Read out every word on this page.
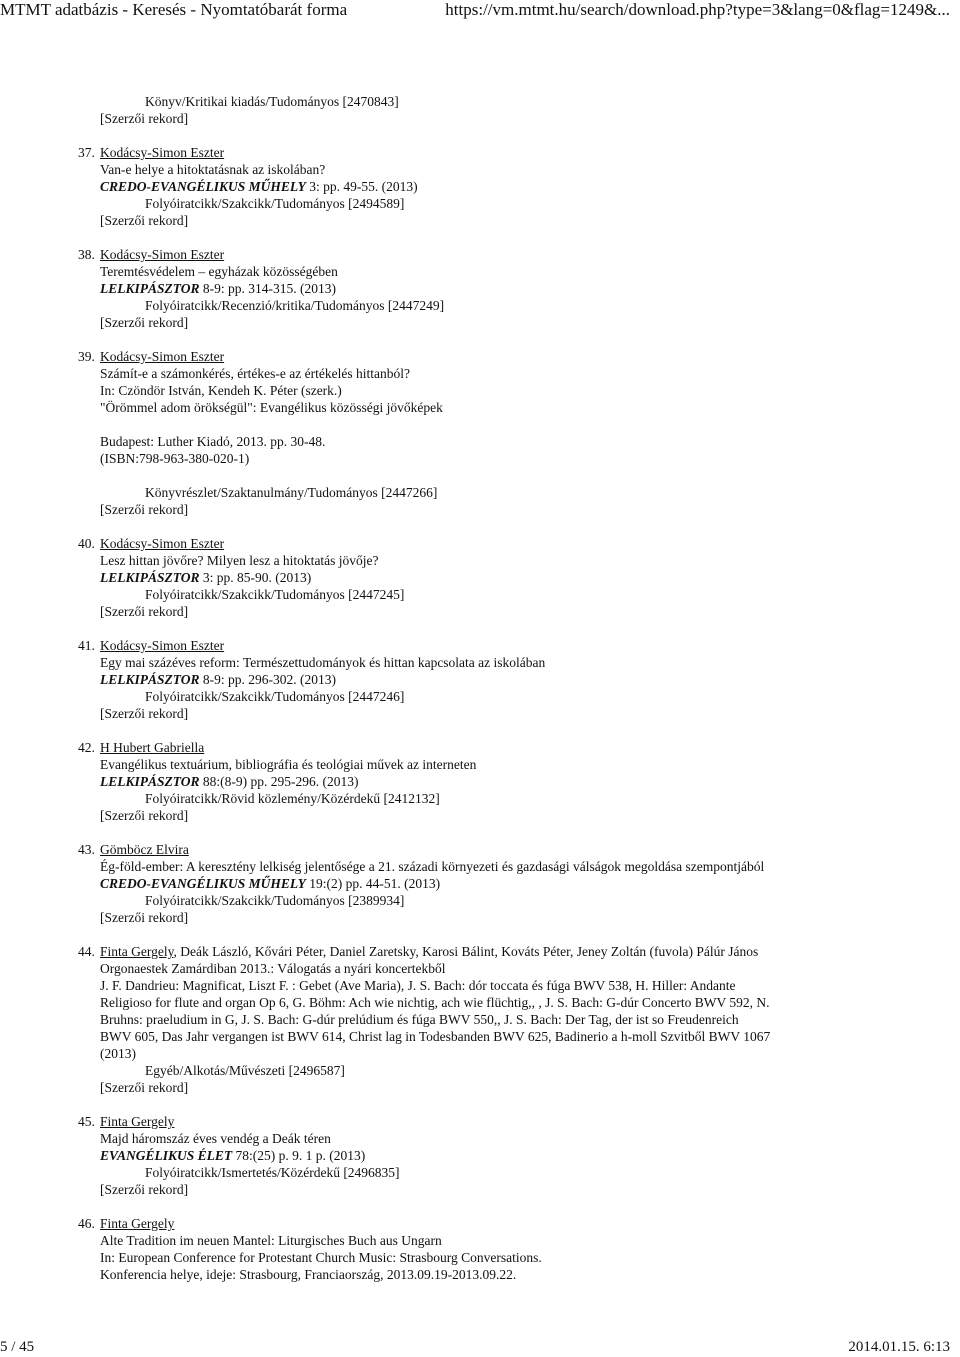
MTMT adatbázis - Keresés - Nyomtatóbarát forma	https://vm.mtmt.hu/search/download.php?type=3&lang=0&flag=1249&...
Könyv/Kritikai kiadás/Tudományos [2470843]
[Szerzői rekord]
37. Kodácsy-Simon Eszter
Van-e helye a hitoktatásnak az iskolában?
CREDO-EVANGÉLIKUS MŰHELY 3: pp. 49-55. (2013)
Folyóiratcikk/Szakcikk/Tudományos [2494589]
[Szerzői rekord]
38. Kodácsy-Simon Eszter
Teremtésvédelem – egyházak közösségében
LELKIPÁSZTOR 8-9: pp. 314-315. (2013)
Folyóiratcikk/Recenzió/kritika/Tudományos [2447249]
[Szerzői rekord]
39. Kodácsy-Simon Eszter
Számít-e a számonkérés, értékes-e az értékelés hittanból?
In: Czöndör István, Kendeh K. Péter (szerk.)
"Örömmel adom örökségül": Evangélikus közösségi jövőképek
Budapest: Luther Kiadó, 2013. pp. 30-48.
(ISBN:798-963-380-020-1)
Könyvrészlet/Szaktanulmány/Tudományos [2447266]
[Szerzői rekord]
40. Kodácsy-Simon Eszter
Lesz hittan jövőre? Milyen lesz a hitoktatás jövője?
LELKIPÁSZTOR 3: pp. 85-90. (2013)
Folyóiratcikk/Szakcikk/Tudományos [2447245]
[Szerzői rekord]
41. Kodácsy-Simon Eszter
Egy mai százéves reform: Természettudományok és hittan kapcsolata az iskolában
LELKIPÁSZTOR 8-9: pp. 296-302. (2013)
Folyóiratcikk/Szakcikk/Tudományos [2447246]
[Szerzői rekord]
42. H Hubert Gabriella
Evangélikus textuárium, bibliográfia és teológiai művek az interneten
LELKIPÁSZTOR 88:(8-9) pp. 295-296. (2013)
Folyóiratcikk/Rövid közlemény/Közérdekű [2412132]
[Szerzői rekord]
43. Gömböcz Elvira
Ég-föld-ember: A keresztény lelkiség jelentősége a 21. századi környezeti és gazdasági válságok megoldása szempontjából
CREDO-EVANGÉLIKUS MŰHELY 19:(2) pp. 44-51. (2013)
Folyóiratcikk/Szakcikk/Tudományos [2389934]
[Szerzői rekord]
44. Finta Gergely, Deák László, Kővári Péter, Daniel Zaretsky, Karosi Bálint, Kováts Péter, Jeney Zoltán (fuvola) Pálúr János
Orgonaestek Zamárdiban 2013.: Válogatás a nyári koncertekből
J. F. Dandrieu: Magnificat, Liszt F. : Gebet (Ave Maria), J. S. Bach: dór toccata és fúga BWV 538, H. Hiller: Andante
Religioso for flute and organ Op 6, G. Böhm: Ach wie nichtig, ach wie flüchtig,, , J. S. Bach: G-dúr Concerto BWV 592, N.
Bruhns: praeludium in G, J. S. Bach: G-dúr prelúdium és fúga BWV 550,, J. S. Bach: Der Tag, der ist so Freudenreich
BWV 605, Das Jahr vergangen ist BWV 614, Christ lag in Todesbanden BWV 625, Badinerio a h-moll Szvitből BWV 1067
(2013)
Egyéb/Alkotás/Művészeti [2496587]
[Szerzői rekord]
45. Finta Gergely
Majd háromszáz éves vendég a Deák téren
EVANGÉLIKUS ÉLET 78:(25) p. 9. 1 p. (2013)
Folyóiratcikk/Ismertetés/Közérdekű [2496835]
[Szerzői rekord]
46. Finta Gergely
Alte Tradition im neuen Mantel: Liturgisches Buch aus Ungarn
In: European Conference for Protestant Church Music: Strasbourg Conversations.
Konferencia helye, ideje: Strasbourg, Franciaország, 2013.09.19-2013.09.22.
5 / 45	2014.01.15. 6:13
